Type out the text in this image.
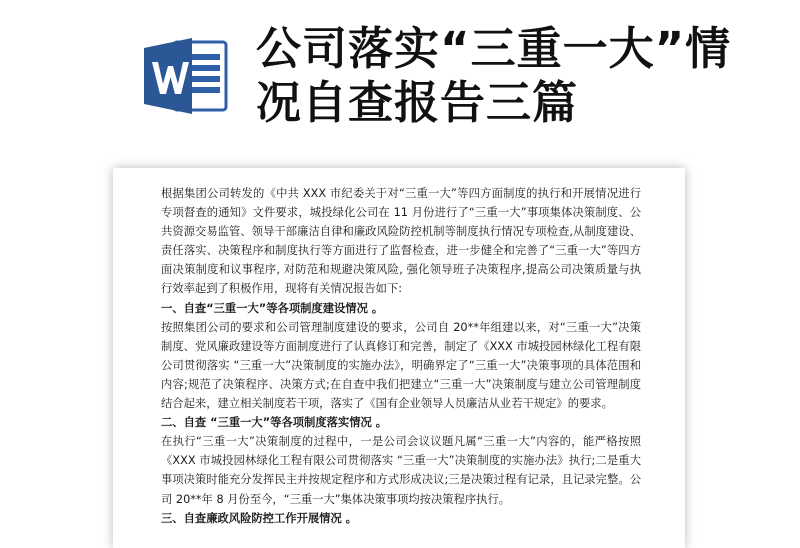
公司落实“三重一大”情况自查报告三篇

根据集团公司转发的《中共 XXX 市纪委关于对“三重一大”等四方面制度的执行和开展情况进行专项督查的通知》文件要求，城投绿化公司在 11 月份进行了“三重一大”事项集体决策制度、公共资源交易监管、领导干部廉洁自律和廉政风险防控机制等制度执行情况专项检查,从制度建设、责任落实、决策程序和制度执行等方面进行了监督检查，进一步健全和完善了“三重一大”等四方面决策制度和议事程序, 对防范和规避决策风险, 强化领导班子决策程序,提高公司决策质量与执行效率起到了积极作用，现将有关情况报告如下:

一、自查“三重一大”等各项制度建设情况 。

按照集团公司的要求和公司管理制度建设的要求，公司自 20**年组建以来，对“三重一大”决策制度、党风廉政建设等方面制度进行了认真修订和完善，制定了《XXX 市城投园林绿化工程有限公司贯彻落实 “三重一大”决策制度的实施办法》，明确界定了“三重一大”决策事项的具体范围和内容;规范了决策程序、决策方式;在自查中我们把建立“三重一大”决策制度与建立公司管理制度结合起来，建立相关制度若干项，落实了《国有企业领导人员廉洁从业若干规定》的要求。

二、自查 “三重一大”等各项制度落实情况 。

在执行“三重一大”决策制度的过程中，一是公司会议议题凡属“三重一大”内容的，能严格按照《XXX 市城投园林绿化工程有限公司贯彻落实 “三重一大”决策制度的实施办法》执行;二是重大事项决策时能充分发挥民主并按规定程序和方式形成决议;三是决策过程有记录，且记录完整。公司 20**年 8 月份至今，“三重一大”集体决策事项均按决策程序执行。

三、自查廉政风险防控工作开展情况 。
